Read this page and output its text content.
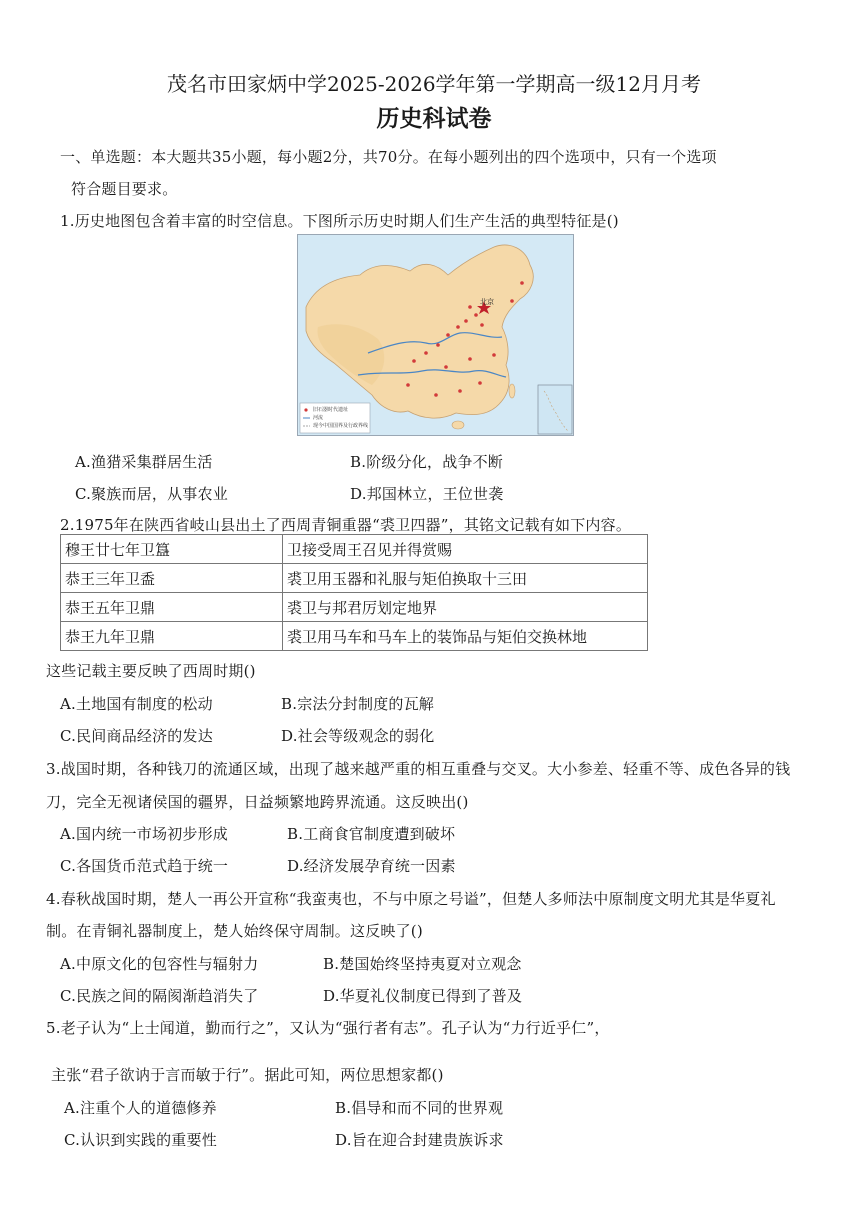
茂名市田家炳中学2025-2026学年第一学期高一级12月月考
历史科试卷
一、单选题：本大题共35小题，每小题2分，共70分。在每小题列出的四个选项中，只有一个选项
符合题目要求。
1.历史地图包含着丰富的时空信息。下图所示历史时期人们生产生活的典型特征是()
北京
旧石器时代遗址
河流
现今中国国界及行政界线
A.渔猎采集群居生活	B.阶级分化，战争不断
C.聚族而居，从事农业	D.邦国林立，王位世袭
2.1975年在陕西省岐山县出土了西周青铜重器“裘卫四器”，其铭文记载有如下内容。
穆王廿七年卫簋	卫接受周王召见并得赏赐
恭王三年卫盉	裘卫用玉器和礼服与矩伯换取十三田
恭王五年卫鼎	裘卫与邦君厉划定地界
恭王九年卫鼎	裘卫用马车和马车上的装饰品与矩伯交换林地
这些记载主要反映了西周时期()
A.土地国有制度的松动	B.宗法分封制度的瓦解
C.民间商品经济的发达	D.社会等级观念的弱化
3.战国时期，各种钱刀的流通区域，出现了越来越严重的相互重叠与交叉。大小参差、轻重不等、成色各异的钱
刀，完全无视诸侯国的疆界，日益频繁地跨界流通。这反映出()
A.国内统一市场初步形成	B.工商食官制度遭到破坏
C.各国货币范式趋于统一	D.经济发展孕育统一因素
4.春秋战国时期，楚人一再公开宣称“我蛮夷也，不与中原之号谥”，但楚人多师法中原制度文明尤其是华夏礼
制。在青铜礼器制度上，楚人始终保守周制。这反映了()
A.中原文化的包容性与辐射力	B.楚国始终坚持夷夏对立观念
C.民族之间的隔阂渐趋消失了	D.华夏礼仪制度已得到了普及
5.老子认为“上士闻道，勤而行之”，又认为“强行者有志”。孔子认为“力行近乎仁”，
主张“君子欲讷于言而敏于行”。据此可知，两位思想家都()
A.注重个人的道德修养	B.倡导和而不同的世界观
C.认识到实践的重要性	D.旨在迎合封建贵族诉求
